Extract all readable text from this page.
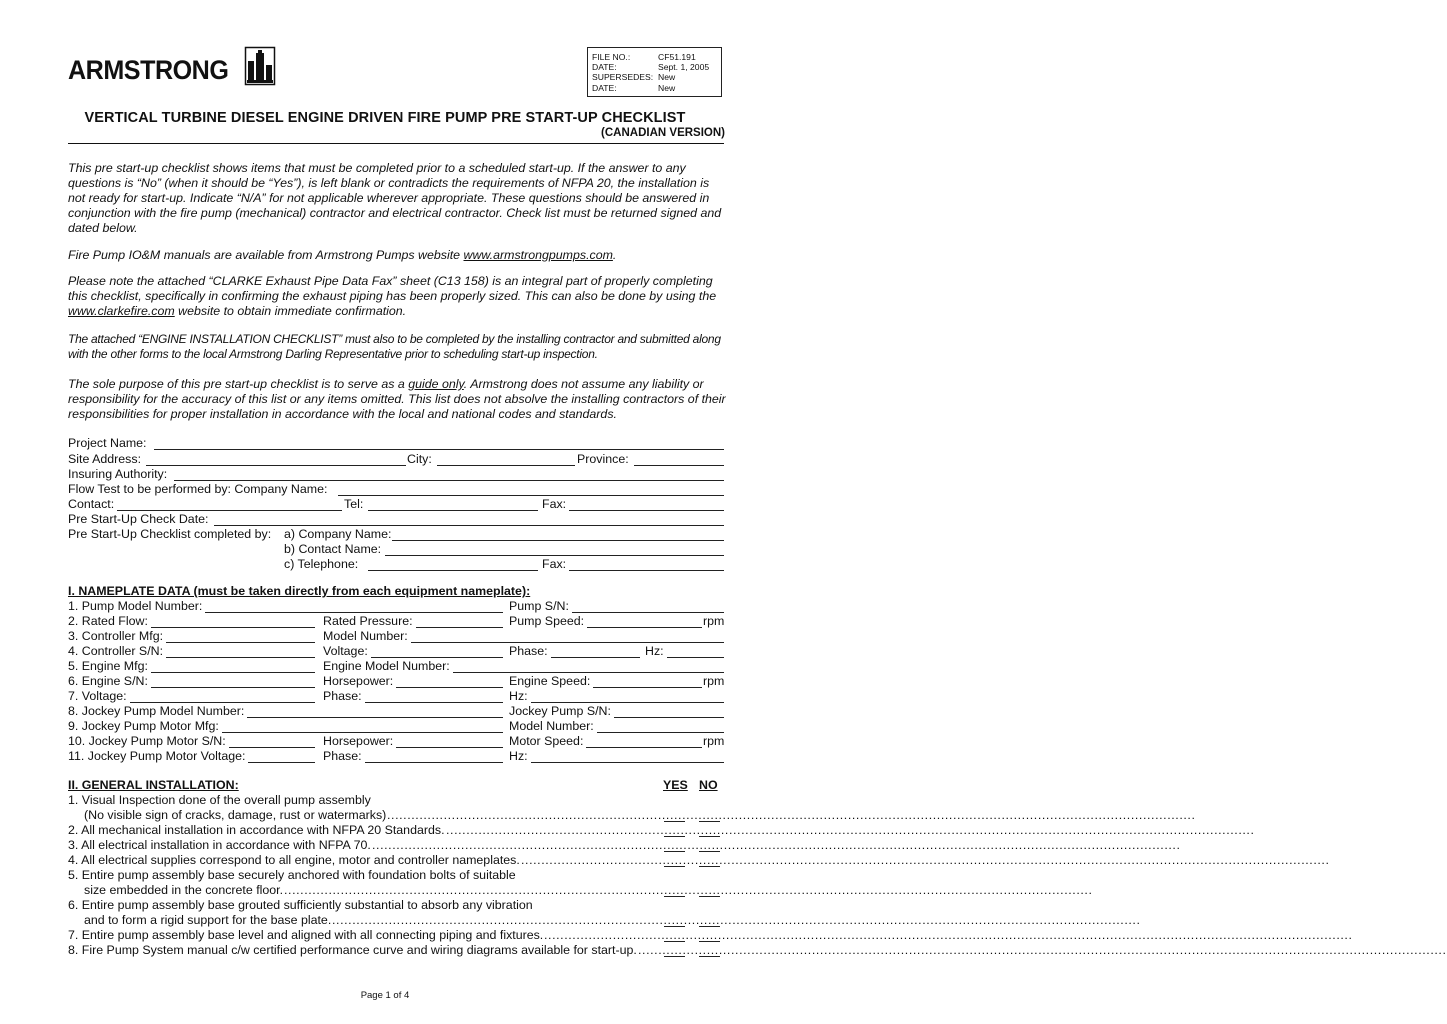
ARMSTRONG	FILE NO.:	CF51.191
DATE:	Sept. 1, 2005
SUPERSEDES: New
DATE:	New
VERTICAL TURBINE DIESEL ENGINE DRIVEN FIRE PUMP PRE START-UP CHECKLIST
(CANADIAN VERSION)
This pre start-up checklist shows items that must be completed prior to a scheduled start-up. If the answer to any questions is “No” (when it should be “Yes”), is left blank or contradicts the requirements of NFPA 20, the installation is not ready for start-up. Indicate “N/A” for not applicable wherever appropriate. These questions should be answered in conjunction with the fire pump (mechanical) contractor and electrical contractor. Check list must be returned signed and dated below.
Fire Pump IO&M manuals are available from Armstrong Pumps website www.armstrongpumps.com.
Please note the attached “CLARKE Exhaust Pipe Data Fax” sheet (C13 158) is an integral part of properly completing this checklist, specifically in confirming the exhaust piping has been properly sized. This can also be done by using the www.clarkefire.com website to obtain immediate confirmation.
The attached “ENGINE INSTALLATION CHECKLIST” must also to be completed by the installing contractor and submitted along with the other forms to the local Armstrong Darling Representative prior to scheduling start-up inspection.
The sole purpose of this pre start-up checklist is to serve as a guide only. Armstrong does not assume any liability or responsibility for the accuracy of this list or any items omitted. This list does not absolve the installing contractors of their responsibilities for proper installation in accordance with the local and national codes and standards.
Project Name:
Site Address:	City:	Province:
Insuring Authority:
Flow Test to be performed by: Company Name:
Contact:	Tel:	Fax:
Pre Start-Up Check Date:
Pre Start-Up Checklist completed by: a) Company Name:
b) Contact Name:
c) Telephone:	Fax:
I. NAMEPLATE DATA (must be taken directly from each equipment nameplate):
1. Pump Model Number:	Pump S/N:
2. Rated Flow:	Rated Pressure:	Pump Speed:	rpm
3. Controller Mfg:	Model Number:
4. Controller S/N:	Voltage:	Phase:	Hz:
5. Engine Mfg:	Engine Model Number:
6. Engine S/N:	Horsepower:	Engine Speed:	rpm
7. Voltage:	Phase:	Hz:
8. Jockey Pump Model Number:	Jockey Pump S/N:
9. Jockey Pump Motor Mfg:	Model Number:
10. Jockey Pump Motor S/N:	Horsepower:	Motor Speed:	rpm
11. Jockey Pump Motor Voltage:	Phase:	Hz:
II. GENERAL INSTALLATION:	YES NO
1. Visual Inspection done of the overall pump assembly
(No visible sign of cracks, damage, rust or watermarks) ........................................................................................................................................................................................................
2. All mechanical installation in accordance with NFPA 20 Standards. ........................................................................................................................................................................................................
3. All electrical installation in accordance with NFPA 70. ........................................................................................................................................................................................................
4. All electrical supplies correspond to all engine, motor and controller nameplates. ........................................................................................................................................................................................................
5. Entire pump assembly base securely anchored with foundation bolts of suitable
size embedded in the concrete floor. ........................................................................................................................................................................................................
6. Entire pump assembly base grouted sufficiently substantial to absorb any vibration
and to form a rigid support for the base plate. ........................................................................................................................................................................................................
7. Entire pump assembly base level and aligned with all connecting piping and fixtures. ........................................................................................................................................................................................................
8. Fire Pump System manual c/w certified performance curve and wiring diagrams available for start-up. ........................................................................................................................................................................................................
Page 1 of 4
